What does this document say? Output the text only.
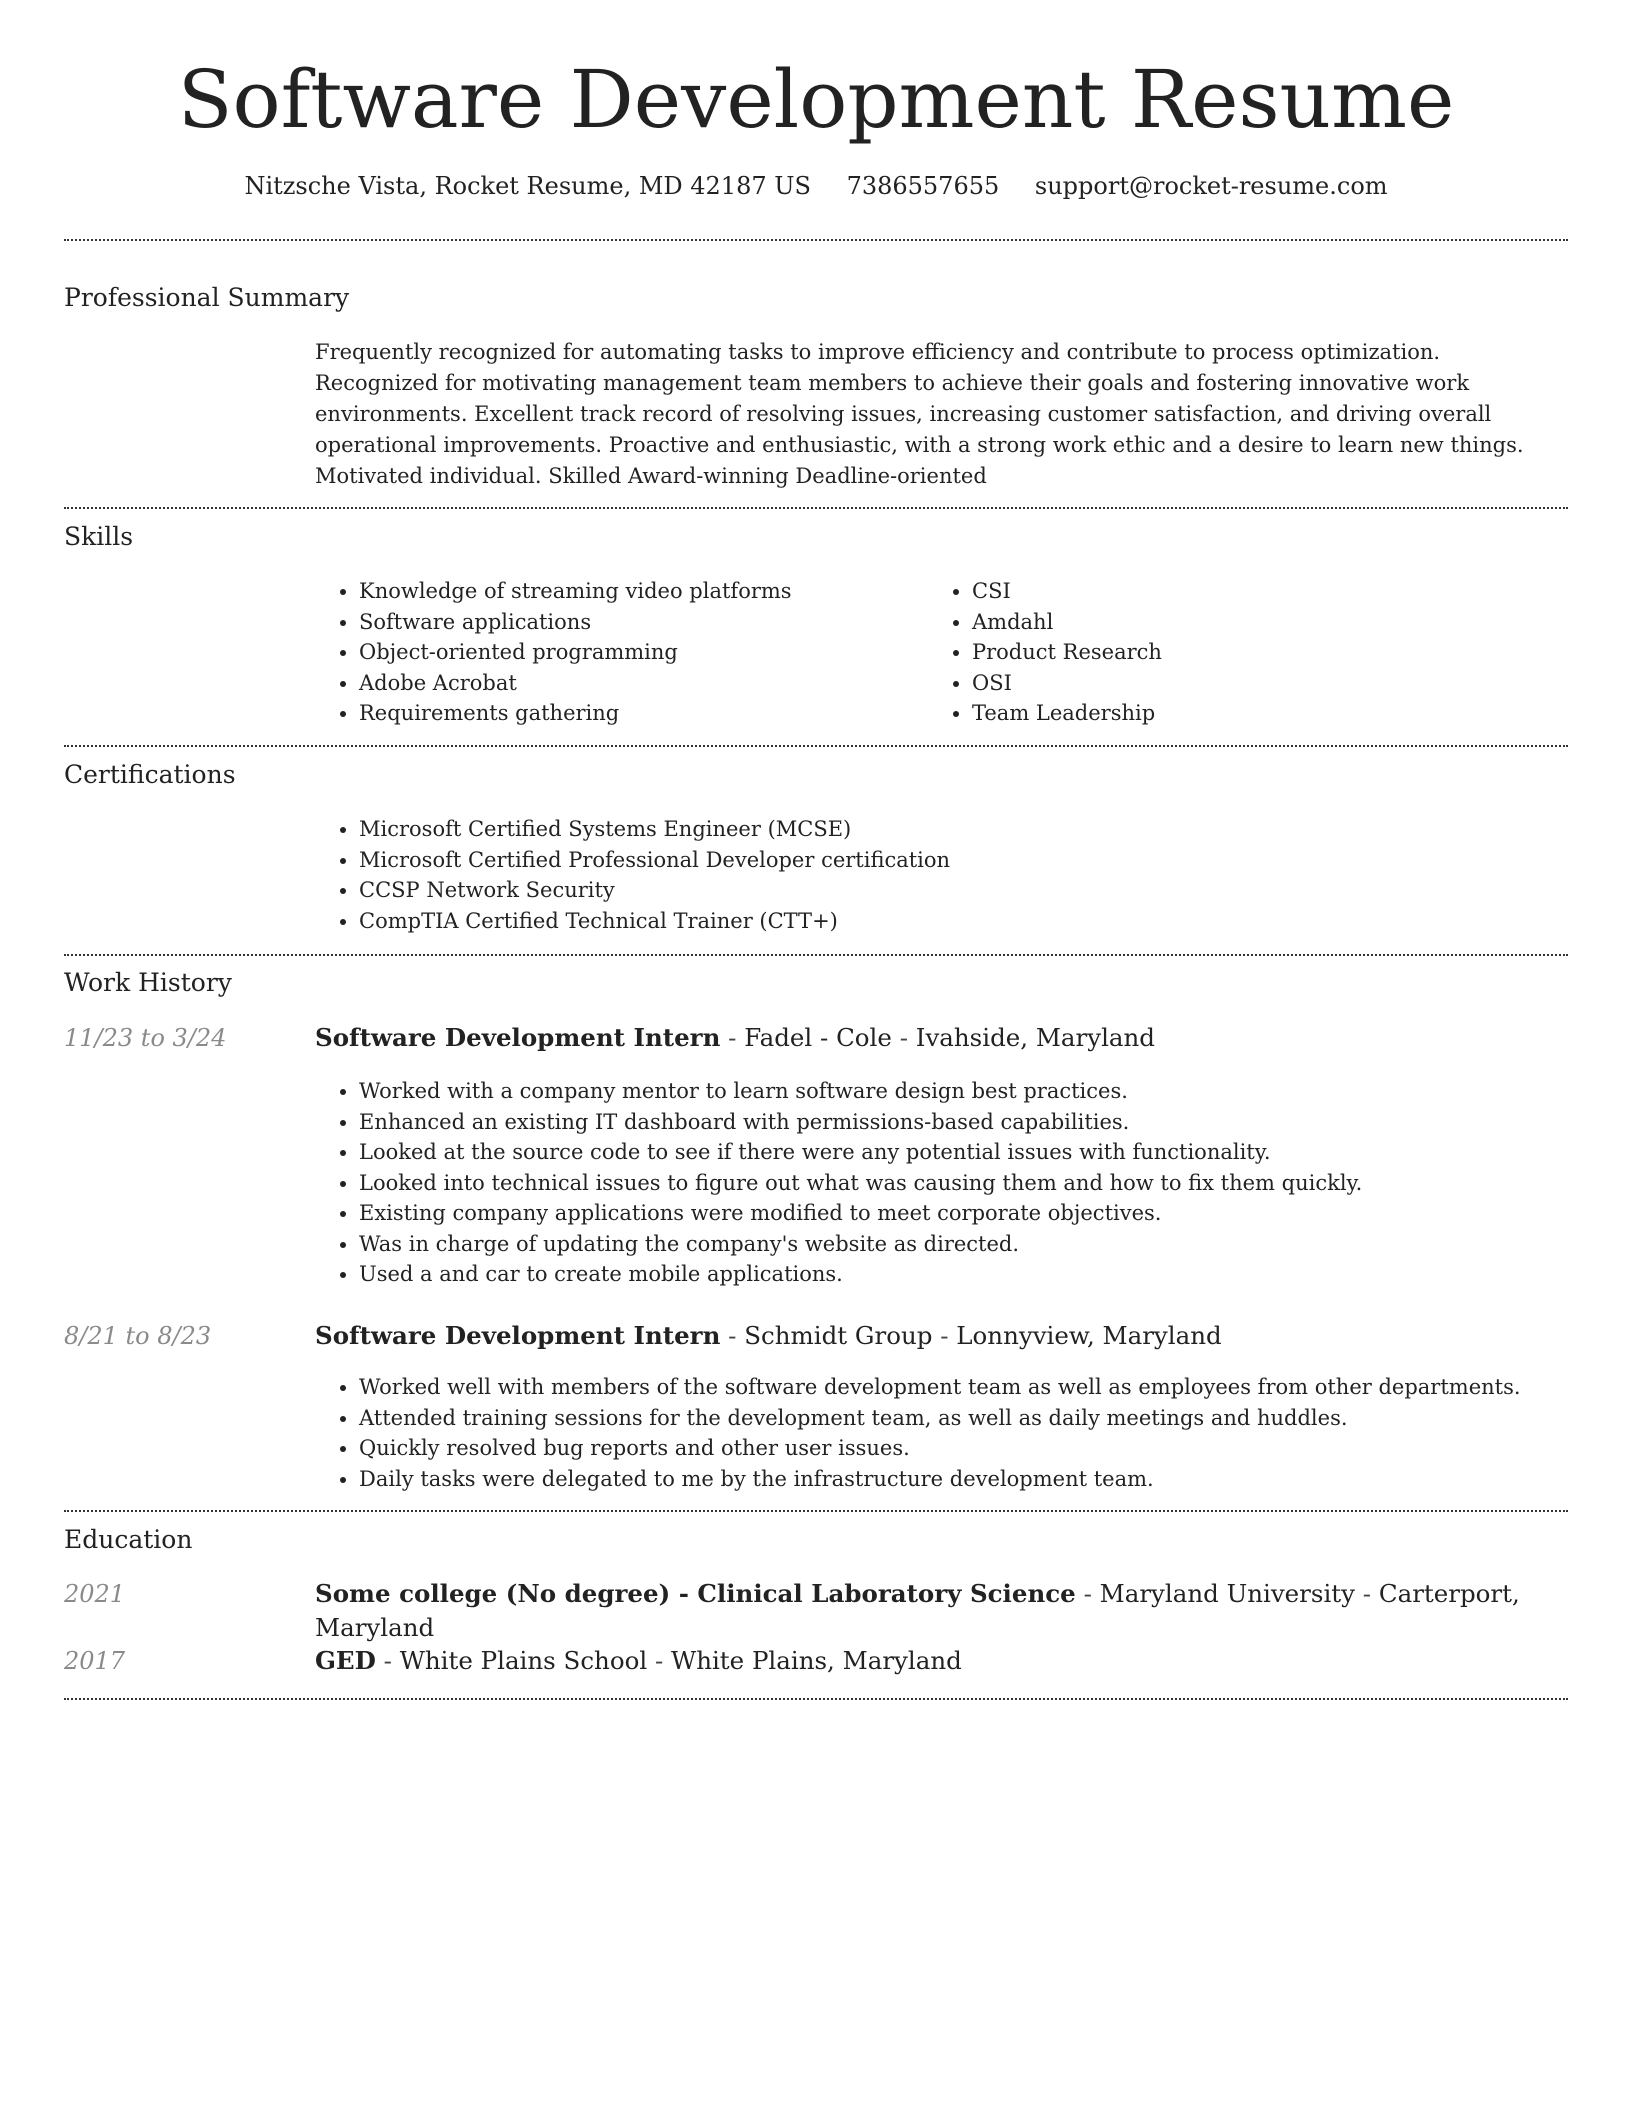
Software Development Resume
Nitzsche Vista, Rocket Resume, MD 42187 US 7386557655 support@rocket-resume.com
Professional Summary

Frequently recognized for automating tasks to improve efficiency and contribute to process optimization. Recognized for motivating management team members to achieve their goals and fostering innovative work environments. Excellent track record of resolving issues, increasing customer satisfaction, and driving overall operational improvements. Proactive and enthusiastic, with a strong work ethic and a desire to learn new things. Motivated individual. Skilled Award-winning Deadline-oriented

Skills
• Knowledge of streaming video platforms
• Software applications
• Object-oriented programming
• Adobe Acrobat
• Requirements gathering
• CSI
• Amdahl
• Product Research
• OSI
• Team Leadership
Certifications
• Microsoft Certified Systems Engineer (MCSE)
• Microsoft Certified Professional Developer certification
• CCSP Network Security
• CompTIA Certified Technical Trainer (CTT+)
Work History
11/23 to 3/24	Software Development Intern - Fadel - Cole - Ivahside, Maryland
• Worked with a company mentor to learn software design best practices.
• Enhanced an existing IT dashboard with permissions-based capabilities.
• Looked at the source code to see if there were any potential issues with functionality.
• Looked into technical issues to figure out what was causing them and how to fix them quickly.
• Existing company applications were modified to meet corporate objectives.
• Was in charge of updating the company's website as directed.
• Used a and car to create mobile applications.
8/21 to 8/23	Software Development Intern - Schmidt Group - Lonnyview, Maryland
• Worked well with members of the software development team as well as employees from other departments.
• Attended training sessions for the development team, as well as daily meetings and huddles.
• Quickly resolved bug reports and other user issues.
• Daily tasks were delegated to me by the infrastructure development team.
Education
2021	Some college (No degree) - Clinical Laboratory Science - Maryland University - Carterport, Maryland
2017	GED - White Plains School - White Plains, Maryland
